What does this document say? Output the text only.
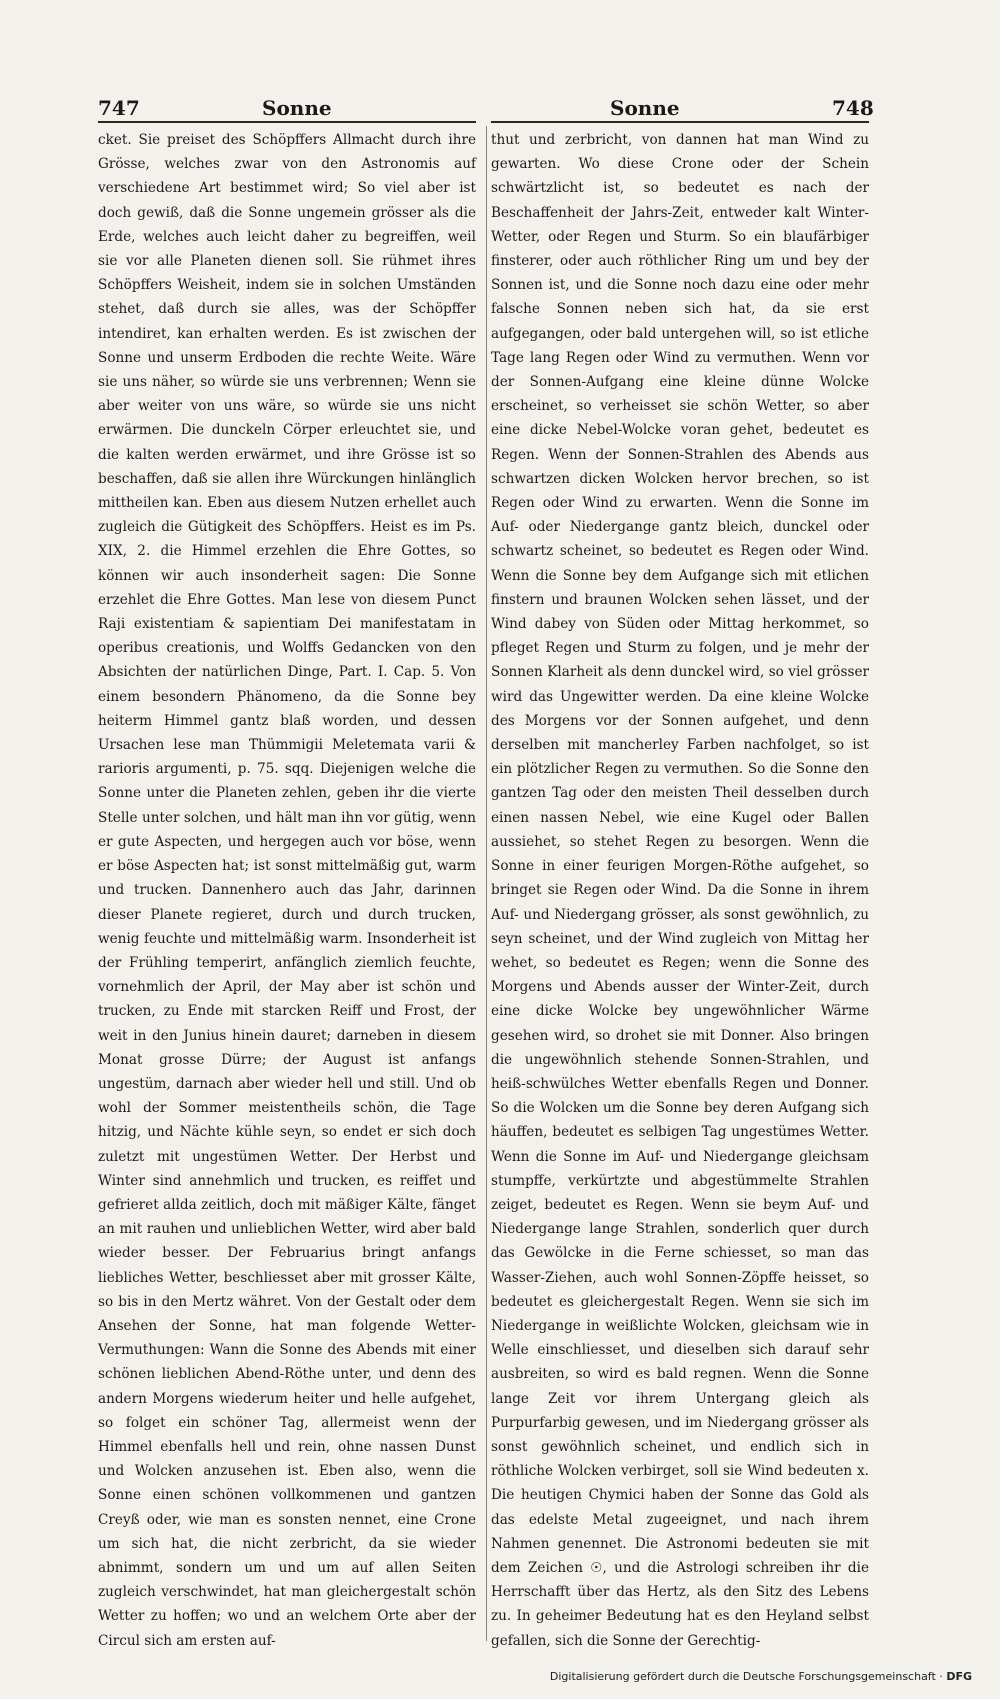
747	Sonne	Sonne	748
cket. Sie preiset des Schöpffers Allmacht durch ihre Grösse, welches zwar von den Astronomis auf verschiedene Art bestimmet wird; So viel aber ist doch gewiß, daß die Sonne ungemein grösser als die Erde, welches auch leicht daher zu begreiffen, weil sie vor alle Planeten dienen soll. Sie rühmet ihres Schöpffers Weisheit, indem sie in solchen Umständen stehet, daß durch sie alles, was der Schöpffer intendiret, kan erhalten werden. Es ist zwischen der Sonne und unserm Erdboden die rechte Weite. Wäre sie uns näher, so würde sie uns verbrennen; Wenn sie aber weiter von uns wäre, so würde sie uns nicht erwärmen. Die dunckeln Cörper erleuchtet sie, und die kalten werden erwärmet, und ihre Grösse ist so beschaffen, daß sie allen ihre Würckungen hinlänglich mittheilen kan. Eben aus diesem Nutzen erhellet auch zugleich die Gütigkeit des Schöpffers. Heist es im Ps. XIX, 2. die Himmel erzehlen die Ehre Gottes, so können wir auch insonderheit sagen: Die Sonne erzehlet die Ehre Gottes. Man lese von diesem Punct Raji existentiam & sapientiam Dei manifestatam in operibus creationis, und Wolffs Gedancken von den Absichten der natürlichen Dinge, Part. I. Cap. 5. Von einem besondern Phänomeno, da die Sonne bey heiterm Himmel gantz blaß worden, und dessen Ursachen lese man Thümmigii Meletemata varii & rarioris argumenti, p. 75. sqq. Diejenigen welche die Sonne unter die Planeten zehlen, geben ihr die vierte Stelle unter solchen, und hält man ihn vor gütig, wenn er gute Aspecten, und hergegen auch vor böse, wenn er böse Aspecten hat; ist sonst mittelmäßig gut, warm und trucken. Dannenhero auch das Jahr, darinnen dieser Planete regieret, durch und durch trucken, wenig feuchte und mittelmäßig warm. Insonderheit ist der Frühling temperirt, anfänglich ziemlich feuchte, vornehmlich der April, der May aber ist schön und trucken, zu Ende mit starcken Reiff und Frost, der weit in den Junius hinein dauret; darneben in diesem Monat grosse Dürre; der August ist anfangs ungestüm, darnach aber wieder hell und still. Und ob wohl der Sommer meistentheils schön, die Tage hitzig, und Nächte kühle seyn, so endet er sich doch zuletzt mit ungestümen Wetter. Der Herbst und Winter sind annehmlich und trucken, es reiffet und gefrieret allda zeitlich, doch mit mäßiger Kälte, fänget an mit rauhen und unlieblichen Wetter, wird aber bald wieder besser. Der Februarius bringt anfangs liebliches Wetter, beschliesset aber mit grosser Kälte, so bis in den Mertz währet. Von der Gestalt oder dem Ansehen der Sonne, hat man folgende Wetter-Vermuthungen: Wann die Sonne des Abends mit einer schönen lieblichen Abend-Röthe unter, und denn des andern Morgens wiederum heiter und helle aufgehet, so folget ein schöner Tag, allermeist wenn der Himmel ebenfalls hell und rein, ohne nassen Dunst und Wolcken anzusehen ist. Eben also, wenn die Sonne einen schönen vollkommenen und gantzen Creyß oder, wie man es sonsten nennet, eine Crone um sich hat, die nicht zerbricht, da sie wieder abnimmt, sondern um und um auf allen Seiten zugleich verschwindet, hat man gleichergestalt schön Wetter zu hoffen; wo und an welchem Orte aber der Circul sich am ersten auf-
thut und zerbricht, von dannen hat man Wind zu gewarten. Wo diese Crone oder der Schein schwärtzlicht ist, so bedeutet es nach der Beschaffenheit der Jahrs-Zeit, entweder kalt Winter-Wetter, oder Regen und Sturm. So ein blaufärbiger finsterer, oder auch röthlicher Ring um und bey der Sonnen ist, und die Sonne noch dazu eine oder mehr falsche Sonnen neben sich hat, da sie erst aufgegangen, oder bald untergehen will, so ist etliche Tage lang Regen oder Wind zu vermuthen. Wenn vor der Sonnen-Aufgang eine kleine dünne Wolcke erscheinet, so verheisset sie schön Wetter, so aber eine dicke Nebel-Wolcke voran gehet, bedeutet es Regen. Wenn der Sonnen-Strahlen des Abends aus schwartzen dicken Wolcken hervor brechen, so ist Regen oder Wind zu erwarten. Wenn die Sonne im Auf- oder Niedergange gantz bleich, dunckel oder schwartz scheinet, so bedeutet es Regen oder Wind. Wenn die Sonne bey dem Aufgange sich mit etlichen finstern und braunen Wolcken sehen lässet, und der Wind dabey von Süden oder Mittag herkommet, so pfleget Regen und Sturm zu folgen, und je mehr der Sonnen Klarheit als denn dunckel wird, so viel grösser wird das Ungewitter werden. Da eine kleine Wolcke des Morgens vor der Sonnen aufgehet, und denn derselben mit mancherley Farben nachfolget, so ist ein plötzlicher Regen zu vermuthen. So die Sonne den gantzen Tag oder den meisten Theil desselben durch einen nassen Nebel, wie eine Kugel oder Ballen aussiehet, so stehet Regen zu besorgen. Wenn die Sonne in einer feurigen Morgen-Röthe aufgehet, so bringet sie Regen oder Wind. Da die Sonne in ihrem Auf- und Niedergang grösser, als sonst gewöhnlich, zu seyn scheinet, und der Wind zugleich von Mittag her wehet, so bedeutet es Regen; wenn die Sonne des Morgens und Abends ausser der Winter-Zeit, durch eine dicke Wolcke bey ungewöhnlicher Wärme gesehen wird, so drohet sie mit Donner. Also bringen die ungewöhnlich stehende Sonnen-Strahlen, und heiß-schwülches Wetter ebenfalls Regen und Donner. So die Wolcken um die Sonne bey deren Aufgang sich häuffen, bedeutet es selbigen Tag ungestümes Wetter. Wenn die Sonne im Auf- und Niedergange gleichsam stumpffe, verkürtzte und abgestümmelte Strahlen zeiget, bedeutet es Regen. Wenn sie beym Auf- und Niedergange lange Strahlen, sonderlich quer durch das Gewölcke in die Ferne schiesset, so man das Wasser-Ziehen, auch wohl Sonnen-Zöpffe heisset, so bedeutet es gleichergestalt Regen. Wenn sie sich im Niedergange in weißlichte Wolcken, gleichsam wie in Welle einschliesset, und dieselben sich darauf sehr ausbreiten, so wird es bald regnen. Wenn die Sonne lange Zeit vor ihrem Untergang gleich als Purpurfarbig gewesen, und im Niedergang grösser als sonst gewöhnlich scheinet, und endlich sich in röthliche Wolcken verbirget, soll sie Wind bedeuten x. Die heutigen Chymici haben der Sonne das Gold als das edelste Metal zugeeignet, und nach ihrem Nahmen genennet. Die Astronomi bedeuten sie mit dem Zeichen ☉, und die Astrologi schreiben ihr die Herrschafft über das Hertz, als den Sitz des Lebens zu. In geheimer Bedeutung hat es den Heyland selbst gefallen, sich die Sonne der Gerechtig-
Digitalisierung gefördert durch die Deutsche Forschungsgemeinschaft · DFG
